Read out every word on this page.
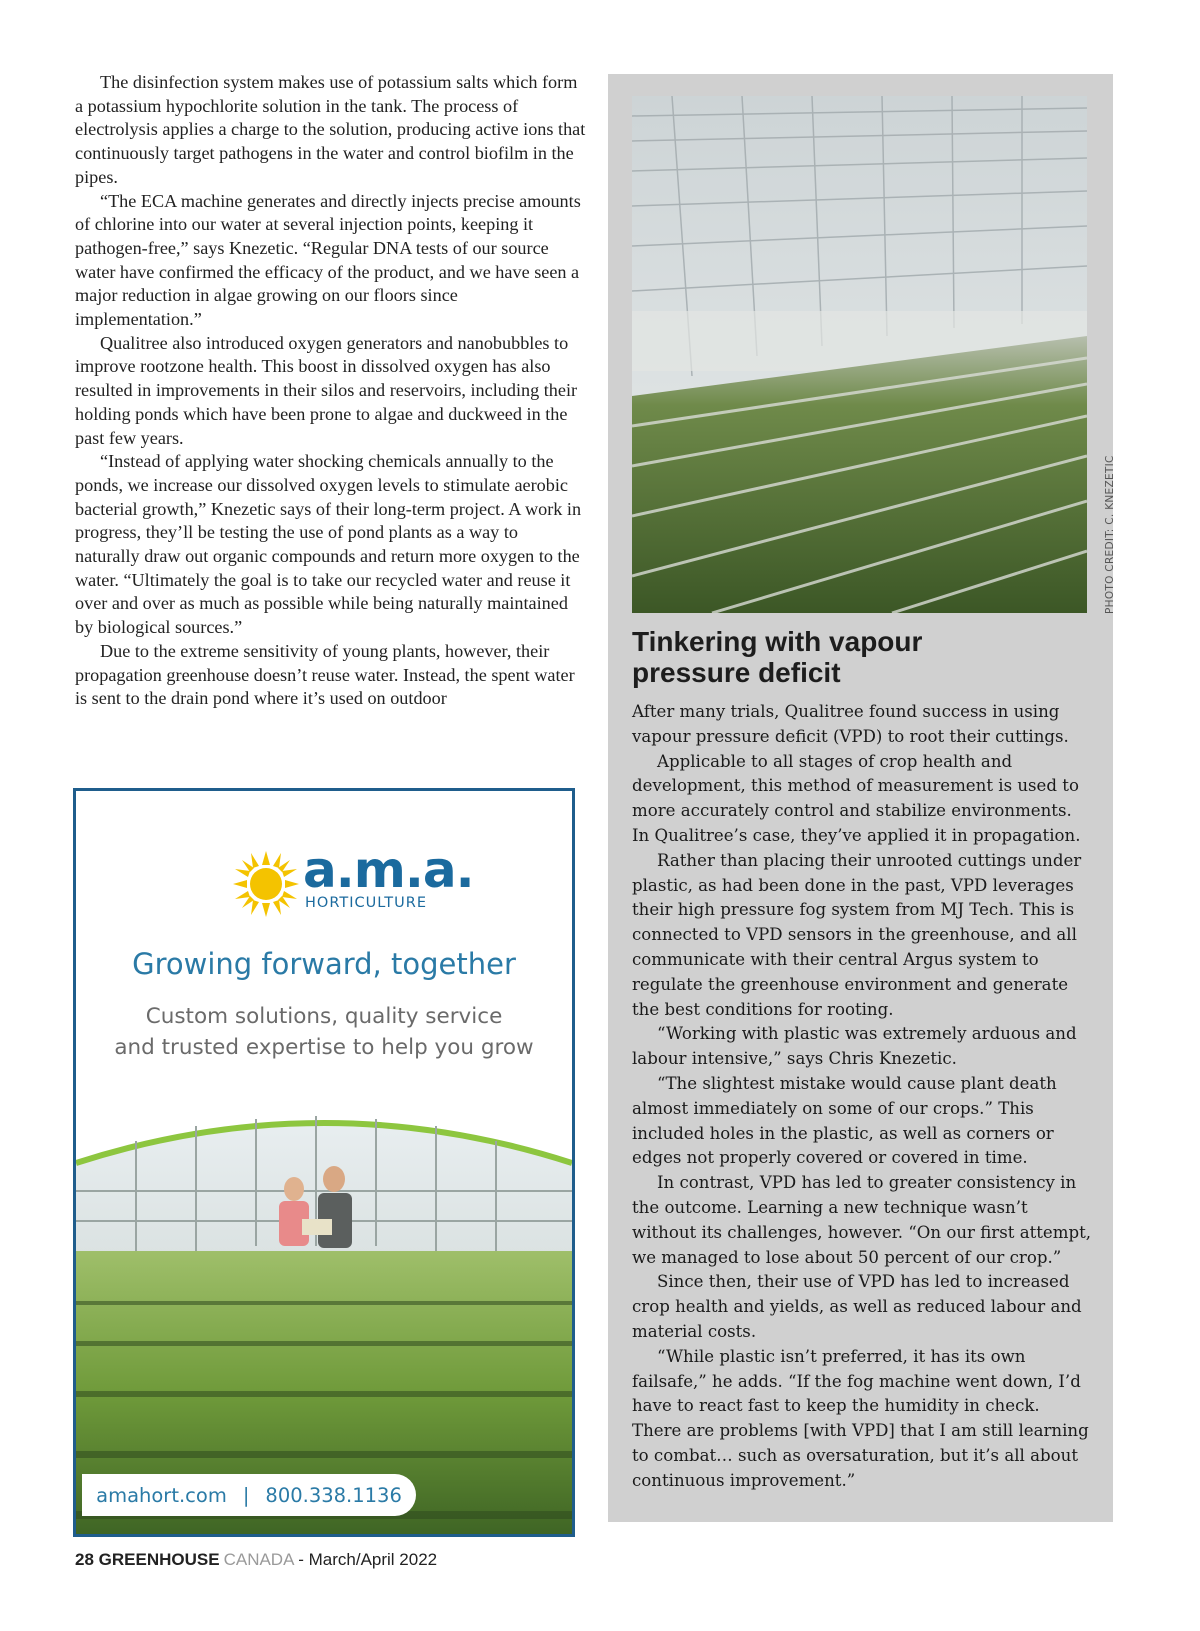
The disinfection system makes use of potassium salts which form a potassium hypochlorite solution in the tank. The process of electrolysis applies a charge to the solution, producing active ions that continuously target pathogens in the water and control biofilm in the pipes.

“The ECA machine generates and directly injects precise amounts of chlorine into our water at several injection points, keeping it pathogen-free,” says Knezetic. “Regular DNA tests of our source water have confirmed the efficacy of the product, and we have seen a major reduction in algae growing on our floors since implementation.”

Qualitree also introduced oxygen generators and nanobubbles to improve rootzone health. This boost in dissolved oxygen has also resulted in improvements in their silos and reservoirs, including their holding ponds which have been prone to algae and duckweed in the past few years.

“Instead of applying water shocking chemicals annually to the ponds, we increase our dissolved oxygen levels to stimulate aerobic bacterial growth,” Knezetic says of their long-term project. A work in progress, they’ll be testing the use of pond plants as a way to naturally draw out organic compounds and return more oxygen to the water. “Ultimately the goal is to take our recycled water and reuse it over and over as much as possible while being naturally maintained by biological sources.”

Due to the extreme sensitivity of young plants, however, their propagation greenhouse doesn’t reuse water. Instead, the spent water is sent to the drain pond where it’s used on outdoor

a.m.a.
HORTICULTURE
Growing forward, together
Custom solutions, quality service
and trusted expertise to help you grow
amahort.com | 800.338.1136
PHOTO CREDIT: C. KNEZETIC
Tinkering with vapour
pressure deficit

After many trials, Qualitree found success in using vapour pressure deficit (VPD) to root their cuttings.

Applicable to all stages of crop health and development, this method of measurement is used to more accurately control and stabilize environments. In Qualitree’s case, they’ve applied it in propagation.

Rather than placing their unrooted cuttings under plastic, as had been done in the past, VPD leverages their high pressure fog system from MJ Tech. This is connected to VPD sensors in the greenhouse, and all communicate with their central Argus system to regulate the greenhouse environment and generate the best conditions for rooting.

“Working with plastic was extremely arduous and labour intensive,” says Chris Knezetic.

“The slightest mistake would cause plant death almost immediately on some of our crops.” This included holes in the plastic, as well as corners or edges not properly covered or covered in time.

In contrast, VPD has led to greater consistency in the outcome. Learning a new technique wasn’t without its challenges, however. “On our first attempt, we managed to lose about 50 percent of our crop.”

Since then, their use of VPD has led to increased crop health and yields, as well as reduced labour and material costs.

“While plastic isn’t preferred, it has its own failsafe,” he adds. “If the fog machine went down, I’d have to react fast to keep the humidity in check. There are problems [with VPD] that I am still learning to combat… such as oversaturation, but it’s all about continuous improvement.”

28 GREENHOUSE CANADA - March/April 2022
